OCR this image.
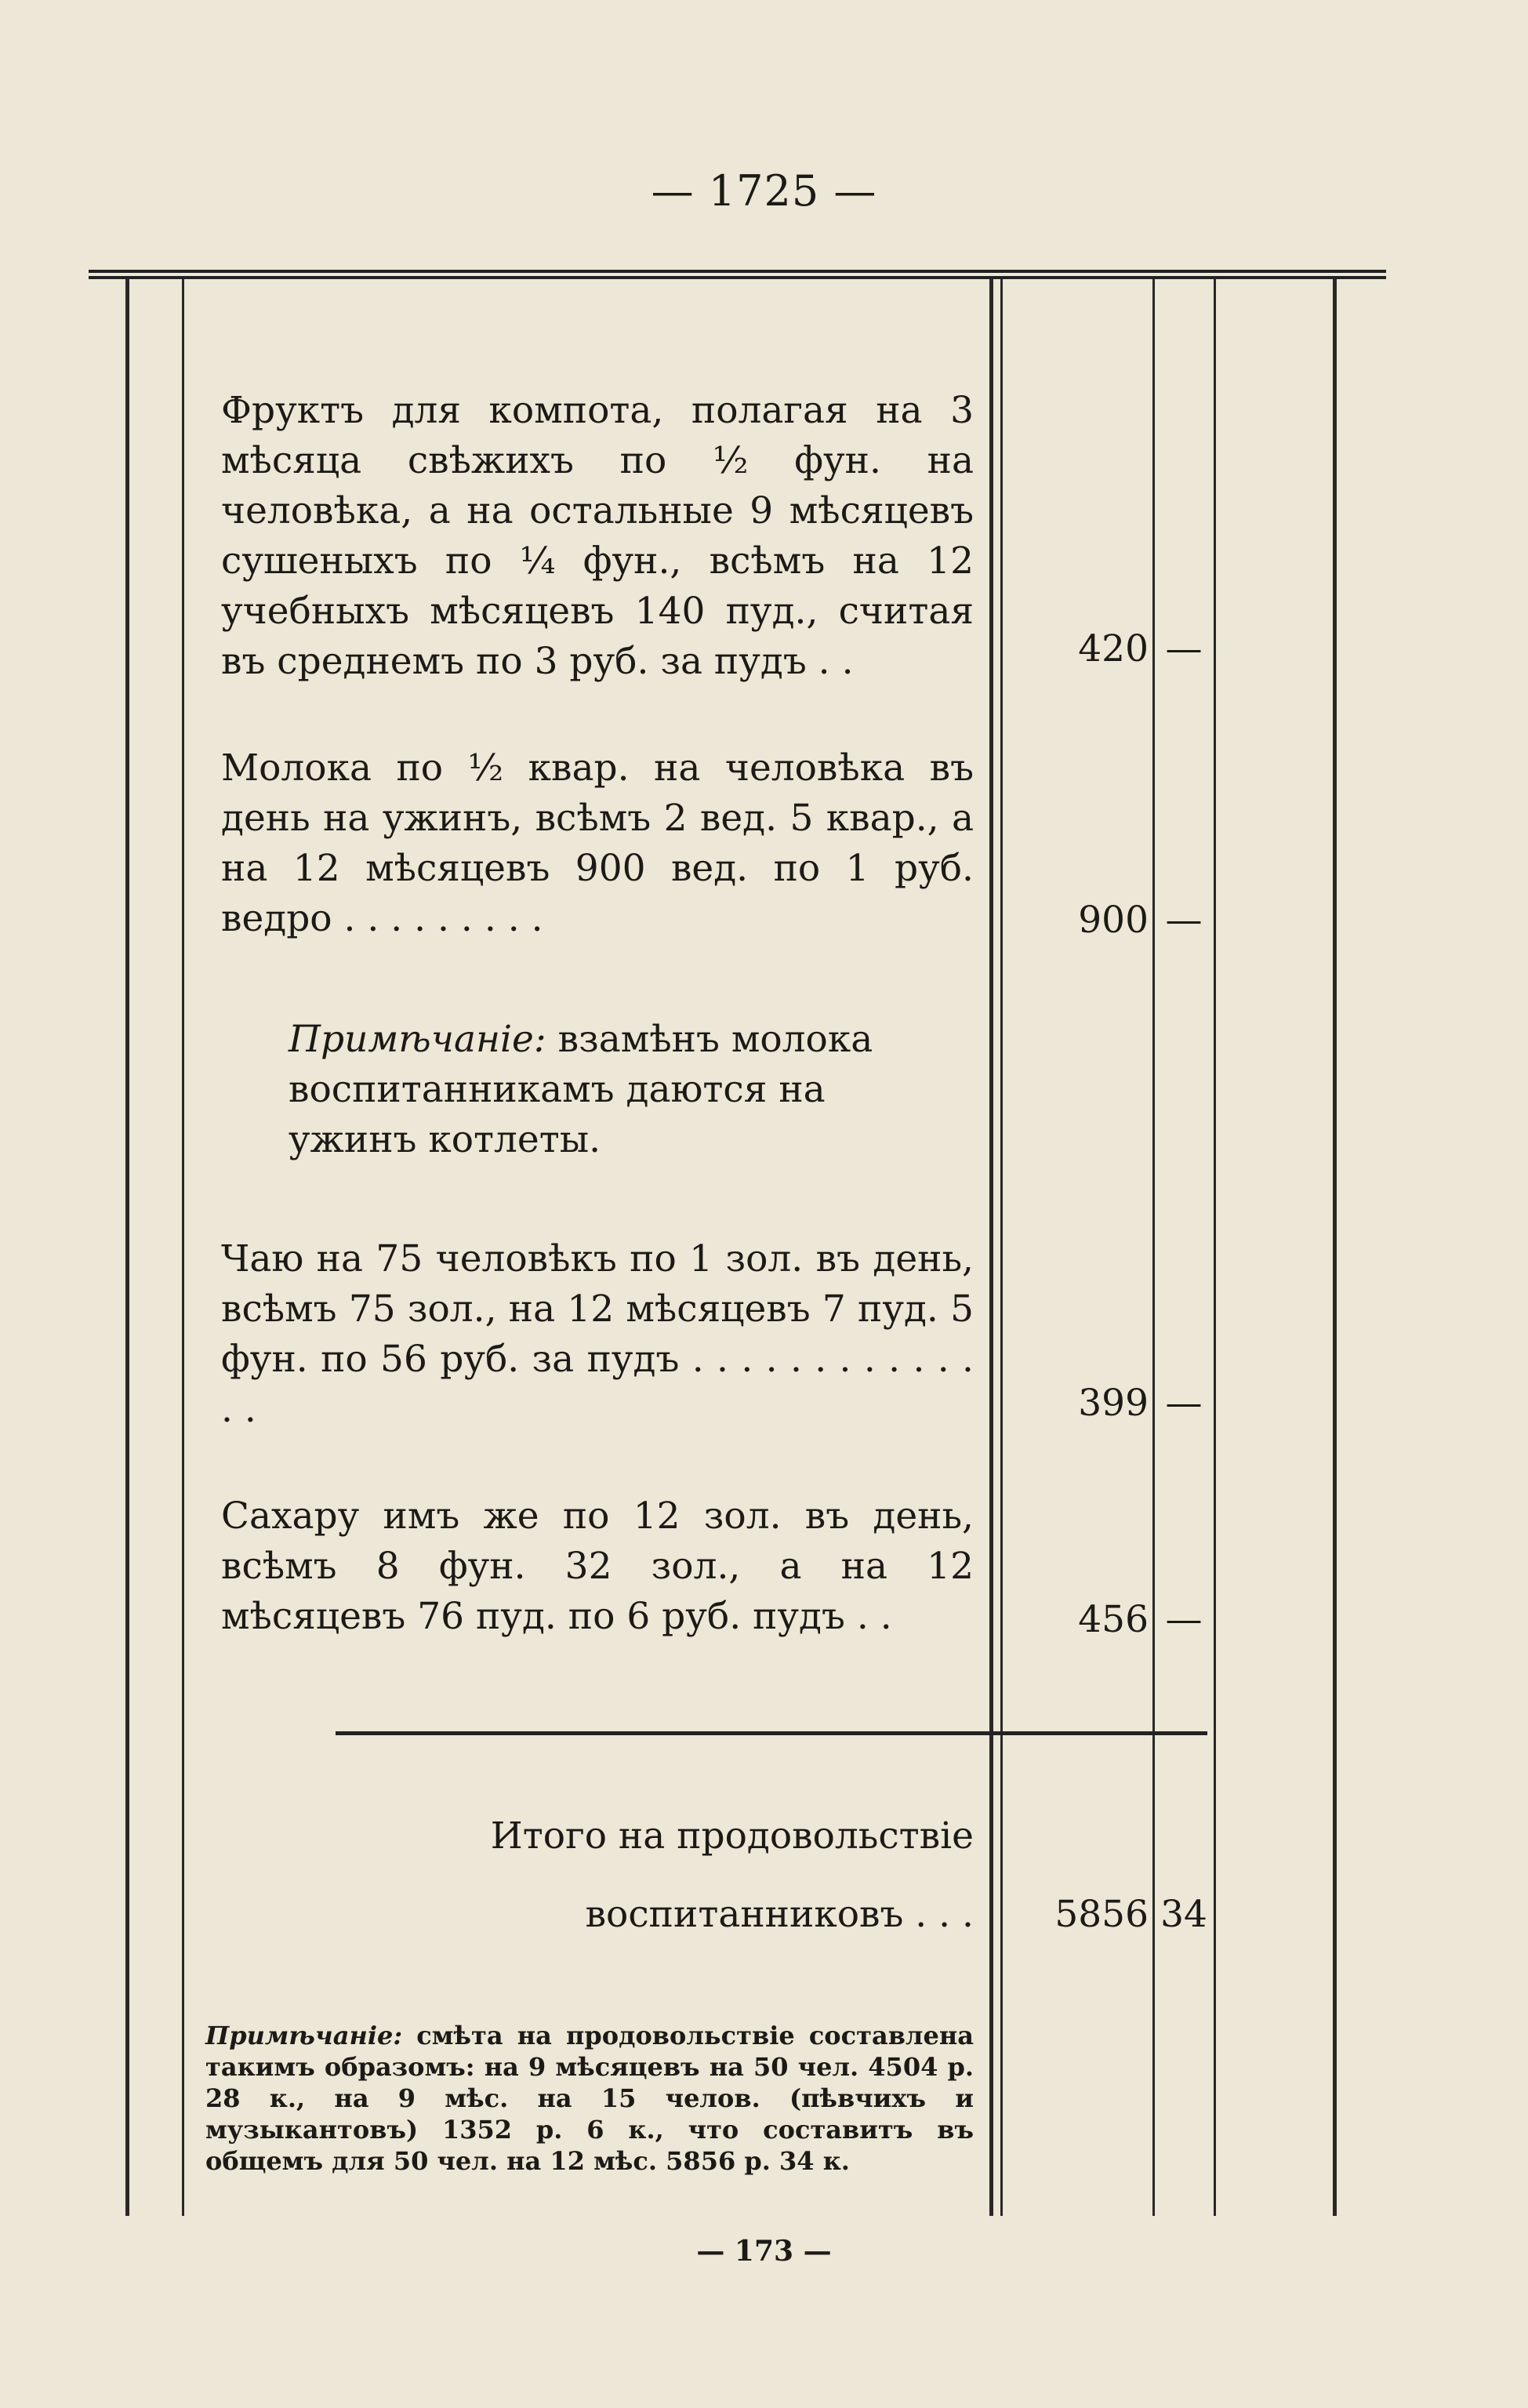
— 1725 —

Фруктъ для компота, полагая на 3 мѣсяца свѣжихъ по ½ фун. на человѣка, а на остальные 9 мѣсяцевъ сушеныхъ по ¼ фун., всѣмъ на 12 учебныхъ мѣсяцевъ 140 пуд., считая въ среднемъ по 3 руб. за пудъ . .	420 —

Молока по ½ квар. на человѣка въ день на ужинъ, всѣмъ 2 вед. 5 квар., а на 12 мѣсяцевъ 900 вед. по 1 руб. ведро . . . . . . . . .	900 —
Примѣчаніе: взамѣнъ молока воспитанникамъ даются на ужинъ котлеты.

Чаю на 75 человѣкъ по 1 зол. въ день, всѣмъ 75 зол., на 12 мѣсяцевъ 7 пуд. 5 фун. по 56 руб. за пудъ . . . . . . . . . . . . . .	399 —

Сахару имъ же по 12 зол. въ день, всѣмъ 8 фун. 32 зол., а на 12 мѣсяцевъ 76 пуд. по 6 руб. пудъ . .	456 —
Итого на продовольствіе
воспитанниковъ . . .	5856 34
Примѣчаніе: смѣта на продовольствіе составлена такимъ образомъ: на 9 мѣсяцевъ на 50 чел. 4504 р. 28 к., на 9 мѣс. на 15 челов. (пѣвчихъ и музыкантовъ) 1352 р. 6 к., что составитъ въ общемъ для 50 чел. на 12 мѣс. 5856 р. 34 к.
— 173 —
